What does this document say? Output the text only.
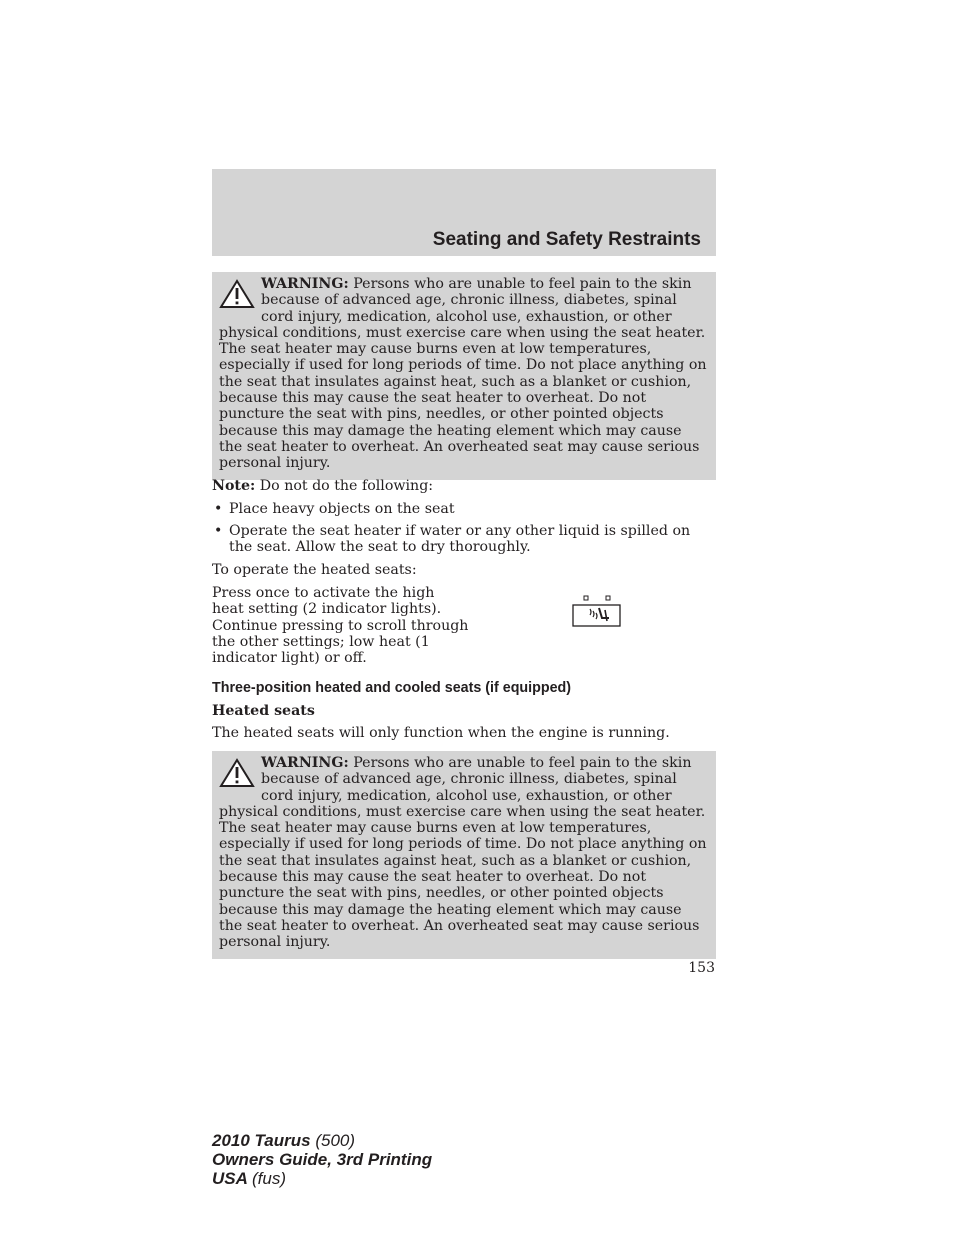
Seating and Safety Restraints
WARNING: Persons who are unable to feel pain to the skin because of advanced age, chronic illness, diabetes, spinal cord injury, medication, alcohol use, exhaustion, or other physical conditions, must exercise care when using the seat heater. The seat heater may cause burns even at low temperatures, especially if used for long periods of time. Do not place anything on the seat that insulates against heat, such as a blanket or cushion, because this may cause the seat heater to overheat. Do not puncture the seat with pins, needles, or other pointed objects because this may damage the heating element which may cause the seat heater to overheat. An overheated seat may cause serious personal injury.
Note: Do not do the following:
• Place heavy objects on the seat
• Operate the seat heater if water or any other liquid is spilled on the seat. Allow the seat to dry thoroughly.
To operate the heated seats:
Press once to activate the high heat setting (2 indicator lights). Continue pressing to scroll through the other settings; low heat (1 indicator light) or off.
Three-position heated and cooled seats (if equipped)
Heated seats
The heated seats will only function when the engine is running.
WARNING: Persons who are unable to feel pain to the skin because of advanced age, chronic illness, diabetes, spinal cord injury, medication, alcohol use, exhaustion, or other physical conditions, must exercise care when using the seat heater. The seat heater may cause burns even at low temperatures, especially if used for long periods of time. Do not place anything on the seat that insulates against heat, such as a blanket or cushion, because this may cause the seat heater to overheat. Do not puncture the seat with pins, needles, or other pointed objects because this may damage the heating element which may cause the seat heater to overheat. An overheated seat may cause serious personal injury.
153
2010 Taurus (500)
Owners Guide, 3rd Printing
USA (fus)
